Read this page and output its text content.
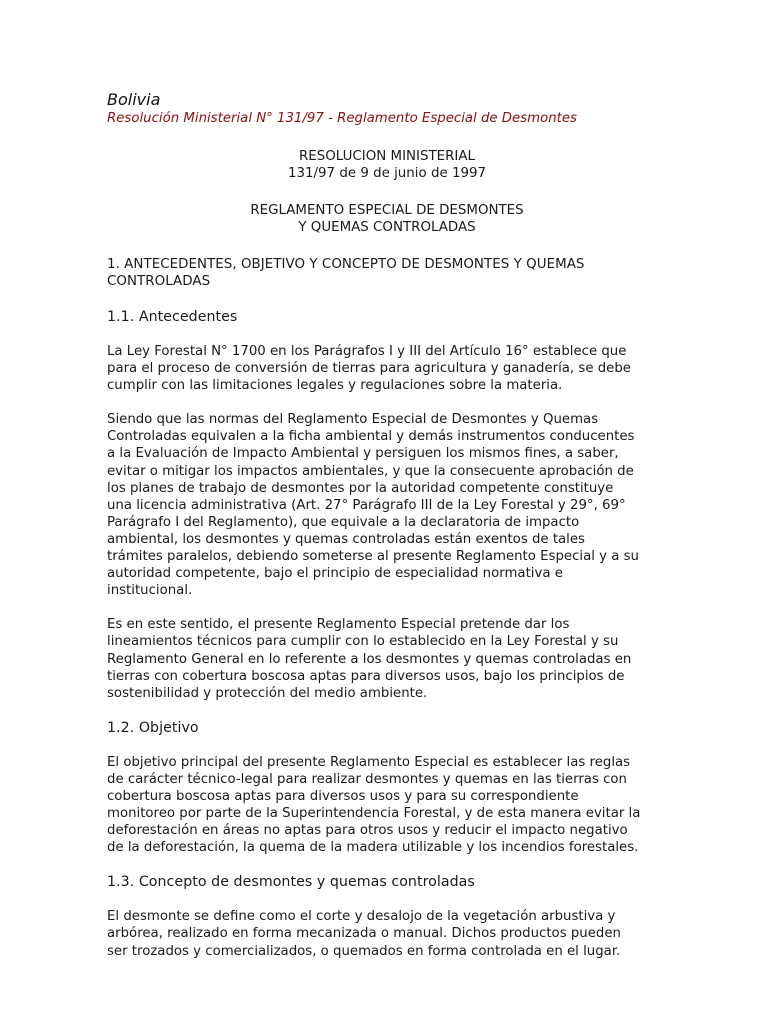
Bolivia
Resolución Ministerial N° 131/97 - Reglamento Especial de Desmontes
RESOLUCION MINISTERIAL
131/97 de 9 de junio de 1997
REGLAMENTO ESPECIAL DE DESMONTES
Y QUEMAS CONTROLADAS
1. ANTECEDENTES, OBJETIVO Y CONCEPTO DE DESMONTES Y QUEMAS
CONTROLADAS
1.1. Antecedentes

La Ley Forestal N° 1700 en los Parágrafos I y III del Artículo 16° establece que
para el proceso de conversión de tierras para agricultura y ganadería, se debe
cumplir con las limitaciones legales y regulaciones sobre la materia.

Siendo que las normas del Reglamento Especial de Desmontes y Quemas
Controladas equivalen a la ficha ambiental y demás instrumentos conducentes
a la Evaluación de Impacto Ambiental y persiguen los mismos fines, a saber,
evitar o mitigar los impactos ambientales, y que la consecuente aprobación de
los planes de trabajo de desmontes por la autoridad competente constituye
una licencia administrativa (Art. 27° Parágrafo III de la Ley Forestal y 29°, 69°
Parágrafo I del Reglamento), que equivale a la declaratoria de impacto
ambiental, los desmontes y quemas controladas están exentos de tales
trámites paralelos, debiendo someterse al presente Reglamento Especial y a su
autoridad competente, bajo el principio de especialidad normativa e
institucional.

Es en este sentido, el presente Reglamento Especial pretende dar los
lineamientos técnicos para cumplir con lo establecido en la Ley Forestal y su
Reglamento General en lo referente a los desmontes y quemas controladas en
tierras con cobertura boscosa aptas para diversos usos, bajo los principios de
sostenibilidad y protección del medio ambiente.

1.2. Objetivo

El objetivo principal del presente Reglamento Especial es establecer las reglas
de carácter técnico-legal para realizar desmontes y quemas en las tierras con
cobertura boscosa aptas para diversos usos y para su correspondiente
monitoreo por parte de la Superintendencia Forestal, y de esta manera evitar la
deforestación en áreas no aptas para otros usos y reducir el impacto negativo
de la deforestación, la quema de la madera utilizable y los incendios forestales.

1.3. Concepto de desmontes y quemas controladas

El desmonte se define como el corte y desalojo de la vegetación arbustiva y
arbórea, realizado en forma mecanizada o manual. Dichos productos pueden
ser trozados y comercializados, o quemados en forma controlada en el lugar.
